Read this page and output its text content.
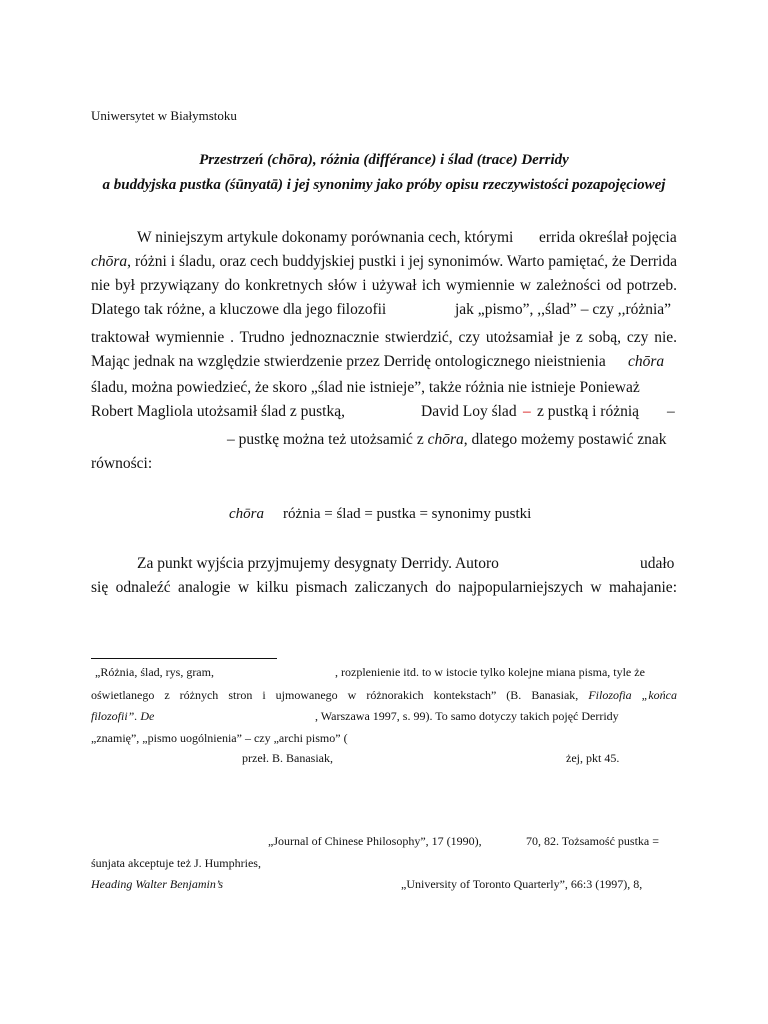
Uniwersytet w Białymstoku
Przestrzeń (chōra), różnia (différance) i ślad (trace) Derridy
a buddyjska pustka (śūnyatā) i jej synonimy jako próby opisu rzeczywistości pozapojęciowej
W niniejszym artykule dokonamy porównania cech, którymi errida określał pojęcia
chōra, różni i śladu, oraz cech buddyjskiej pustki i jej synonimów. Warto pamiętać, że Derrida
nie był przywiązany do konkretnych słów i używał ich wymiennie w zależności od potrzeb.
Dlatego tak różne, a kluczowe dla jego filozofii	jak „pismo”, ,,ślad” – czy ,,różnia”
traktował wymiennie . Trudno jednoznacznie stwierdzić, czy utożsamiał je z sobą, czy nie.
Mając jednak na względzie stwierdzenie przez Derridę ontologicznego nieistnienia chōra
śladu, można powiedzieć, że skoro „ślad nie istnieje”, także różnia nie istnieje Ponieważ
Robert Magliola utożsamił ślad z pustką,	David Loy ślad – z pustką i różnią –
– pustkę można też utożsamić z chōra, dlatego możemy postawić znak
równości:
chōra różnia = ślad = pustka = synonimy pustki
Za punkt wyjścia przyjmujemy desygnaty Derridy. Autoro	udało
się odnaleźć analogie w kilku pismach zaliczanych do najpopularniejszych w mahajanie:
„Różnia, ślad, rys, gram,	, rozplenienie itd. to w istocie tylko kolejne miana pisma, tyle że
oświetlanego z różnych stron i ujmowanego w różnorakich kontekstach” (B. Banasiak, Filozofia „końca
filozofii”. De	, Warszawa 1997, s. 99). To samo dotyczy takich pojęć Derridy
„znamię”, „pismo uogólnienia” – czy „archi pismo” (
przeł. B. Banasiak,	żej, pkt 45.
„Journal of Chinese Philosophy”, 17 (1990),	70, 82. Tożsamość pustka =
śunjata akceptuje też J. Humphries,
Heading Walter Benjamin’s	„University of Toronto Quarterly”, 66:3 (1997), 8,
